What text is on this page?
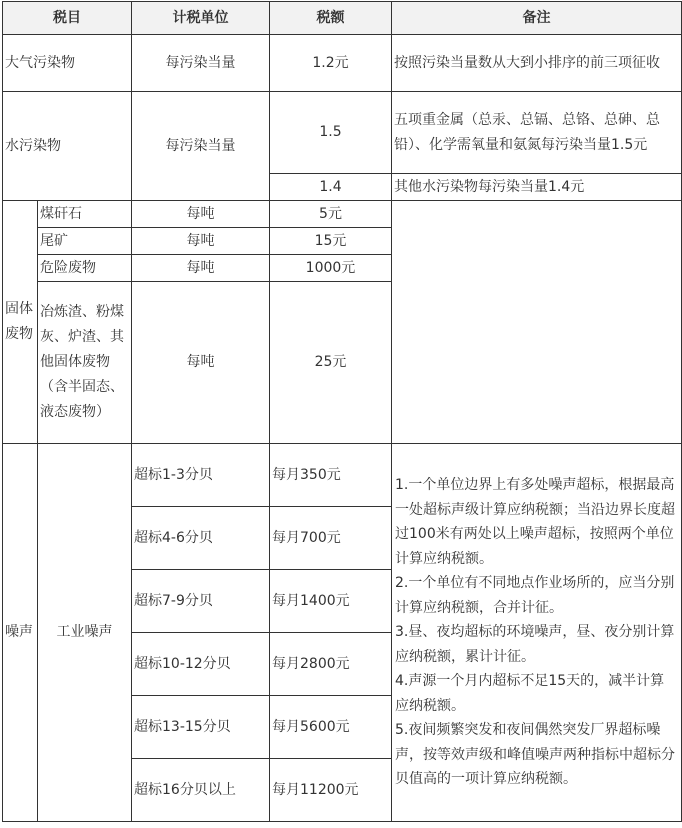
税目		计税单位	税额	备注
大气污染物		每污染当量	1.2元	按照污染当量数从大到小排序的前三项征收
水污染物		每污染当量	1.5	五项重金属（总汞、总镉、总铬、总砷、总铅）、化学需氧量和氨氮每污染当量1.5元
			1.4	其他水污染物每污染当量1.4元
固体废物	煤矸石	每吨	5元	
	尾矿	每吨	15元	
	危险废物	每吨	1000元	
	冶炼渣、粉煤灰、炉渣、其他固体废物（含半固态、液态废物）	每吨	25元	
噪声	工业噪声	超标1-3分贝	每月350元	1.一个单位边界上有多处噪声超标，根据最高一处超标声级计算应纳税额；当沿边界长度超过100米有两处以上噪声超标，按照两个单位计算应纳税额。
2.一个单位有不同地点作业场所的，应当分别计算应纳税额，合并计征。
3.昼、夜均超标的环境噪声，昼、夜分别计算应纳税额，累计计征。
4.声源一个月内超标不足15天的，减半计算应纳税额。
5.夜间频繁突发和夜间偶然突发厂界超标噪声，按等效声级和峰值噪声两种指标中超标分贝值高的一项计算应纳税额。

		超标4-6分贝	每月700元	
		超标7-9分贝	每月1400元	
		超标10-12分贝	每月2800元	
		超标13-15分贝	每月5600元	
		超标16分贝以上	每月11200元	
